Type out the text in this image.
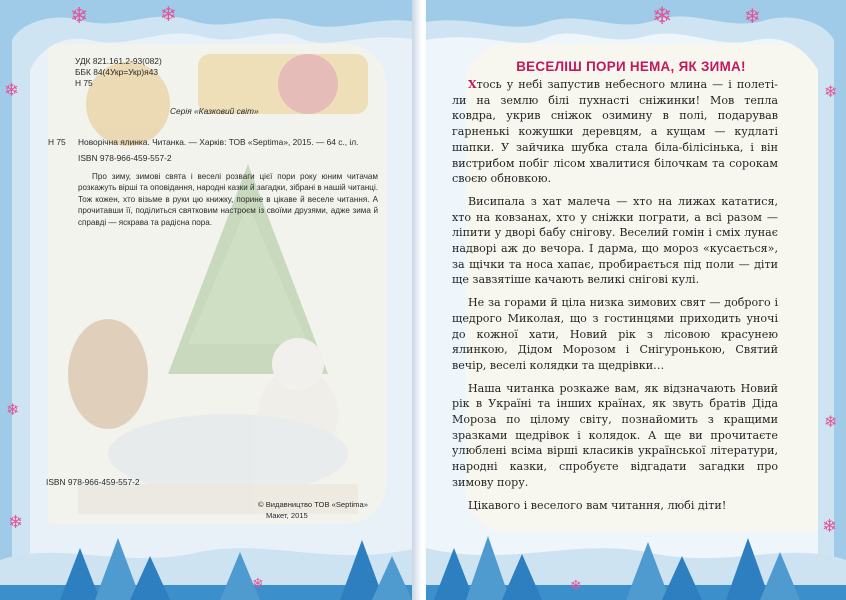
❄	❄
❄
❄
❄
❄
УДК 821.161.2-93(082)
ББК 84(4Укр=Укр)я43
Н 75
Серія «Казковий світ»
Н 75 Новорічна ялинка. Читанка. — Харків: ТОВ «Septima», 2015. — 64 с., іл.
ISBN 978-966-459-557-2

Про зиму, зимові свята і веселі розваги цієї пори року юним читачам розкажуть вірші та оповідання, народні казки й загадки, зібрані в нашій читанці. Тож кожен, хто візьме в руки цю книжку, поринe в цікаве й веселе читання. А прочитавши її, поділиться святковим настроєм із своїми друзями, адже зима й справді — яскрава та радісна пора.

ISBN 978-966-459-557-2
© Видавництво ТОВ «Septima»
Макет, 2015
❄	❄
❄
❄
❄
❄
ВЕСЕЛІШ ПОРИ НЕМА, ЯК ЗИМА!

Хтось у небі запустив небесного млина — і полеті-ли на землю білі пухнасті сніжинки! Мов тепла ковдра, укрив сніжок озимину в полі, подарував гарненькі кожушки деревцям, а кущам — кудлаті шапки. У зайчика шубка стала біла-білісінька, і він вистрибом побіг лісом хвалитися білочкам та сорокам своєю обновкою.

Висипала з хат малеча — хто на лижах кататися, хто на ковзанах, хто у сніжки пограти, а всі разом — ліпити у дворі бабу снігову. Веселий гомін і сміх лунає надворі аж до вечора. І дарма, що мороз «кусається», за щічки та носа хапає, пробирається під поли — діти ще завзятіше качають великі снігові кулі.

Не за горами й ціла низка зимових свят — доброго і щедрого Миколая, що з гостинцями приходить уночі до кожної хати, Новий рік з лісовою красунею ялинкою, Дідом Морозом і Снігуронькою, Святий вечір, веселі колядки та щедрівки…

Наша читанка розкаже вам, як відзначають Новий рік в Україні та інших країнах, як звуть братів Діда Мороза по цілому світу, познайомить з кращими зразками щедрівок і колядок. А ще ви прочитаєте улюблені всіма вірші класиків української літератури, народні казки, спробуєте відгадати загадки про зимову пору.

Цікавого і веселого вам читання, любі діти!
